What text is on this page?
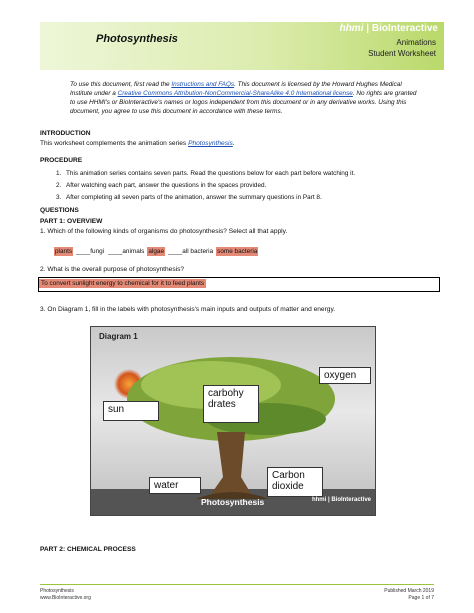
Photosynthesis
hhmi | BioInteractive
Animations
Student Worksheet
To use this document, first read the Instructions and FAQs. This document is licensed by the Howard Hughes Medical Institute under a Creative Commons Attribution-NonCommercial-ShareAlike 4.0 International license. No rights are granted to use HHMI's or BioInteractive's names or logos independent from this document or in any derivative works. Using this document, you agree to use this document in accordance with these terms.
INTRODUCTION
This worksheet complements the animation series Photosynthesis.
PROCEDURE
1. This animation series contains seven parts. Read the questions below for each part before watching it.
2. After watching each part, answer the questions in the spaces provided.
3. After completing all seven parts of the animation, answer the summary questions in Part 8.
QUESTIONS
PART 1: OVERVIEW
1. Which of the following kinds of organisms do photosynthesis? Select all that apply.
plants ____fungi ____animals algae ____all bacteria some bacteria
2. What is the overall purpose of photosynthesis?
To convert sunlight energy to chemical for it to feed plants
3. On Diagram 1, fill in the labels with photosynthesis's main inputs and outputs of matter and energy.
Diagram 1
oxygen
carbohy
drates
sun
Carbon
dioxide
water
Photosynthesis	hhmi | BioInteractive
PART 2: CHEMICAL PROCESS
Photosynthesis
www.BioInteractive.org
Published March 2019
Page 1 of 7
